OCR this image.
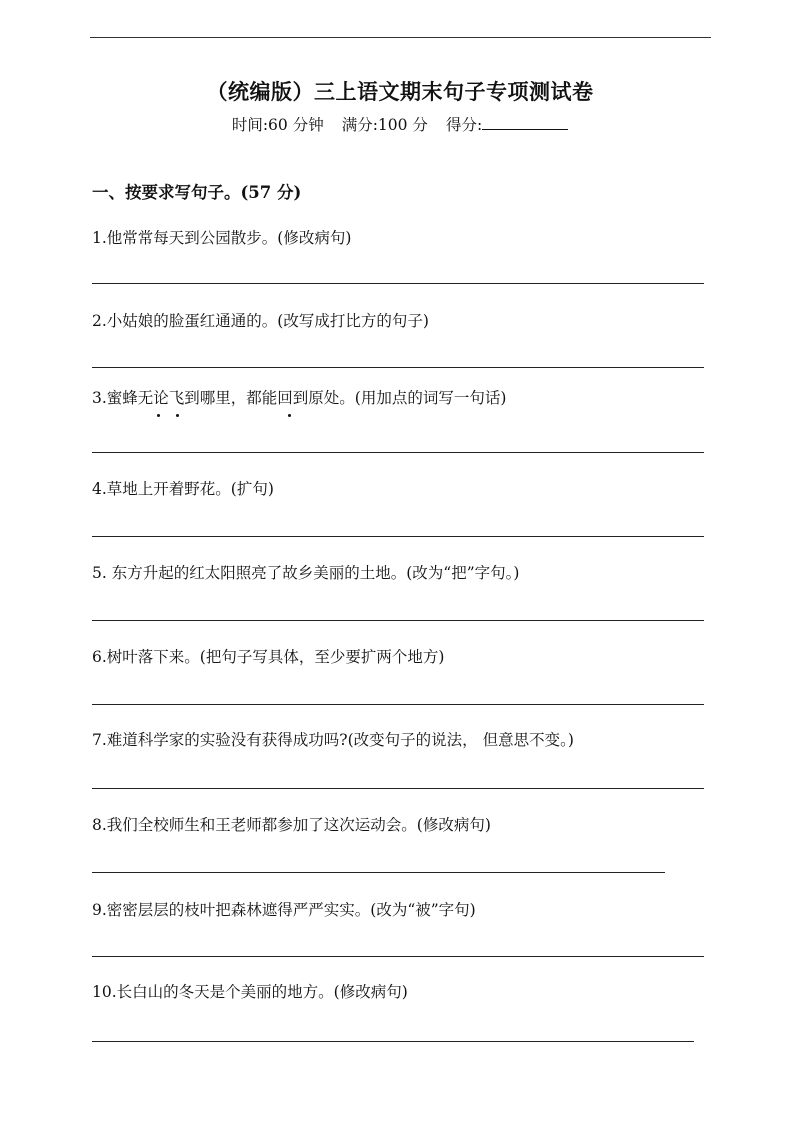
（统编版）三上语文期末句子专项测试卷
时间:60 分钟 满分:100 分 得分:
一、按要求写句子。(57 分)
1.他常常每天到公园散步。(修改病句)
2.小姑娘的脸蛋红通通的。(改写成打比方的句子)
3.蜜蜂无论飞到哪里，都能回到原处。(用加点的词写一句话)
4.草地上开着野花。(扩句)
5. 东方升起的红太阳照亮了故乡美丽的土地。(改为“把”字句。)
6.树叶落下来。(把句子写具体，至少要扩两个地方)
7.难道科学家的实验没有获得成功吗?(改变句子的说法， 但意思不变。)
8.我们全校师生和王老师都参加了这次运动会。(修改病句)
9.密密层层的枝叶把森林遮得严严实实。(改为“被”字句)
10.长白山的冬天是个美丽的地方。(修改病句)
